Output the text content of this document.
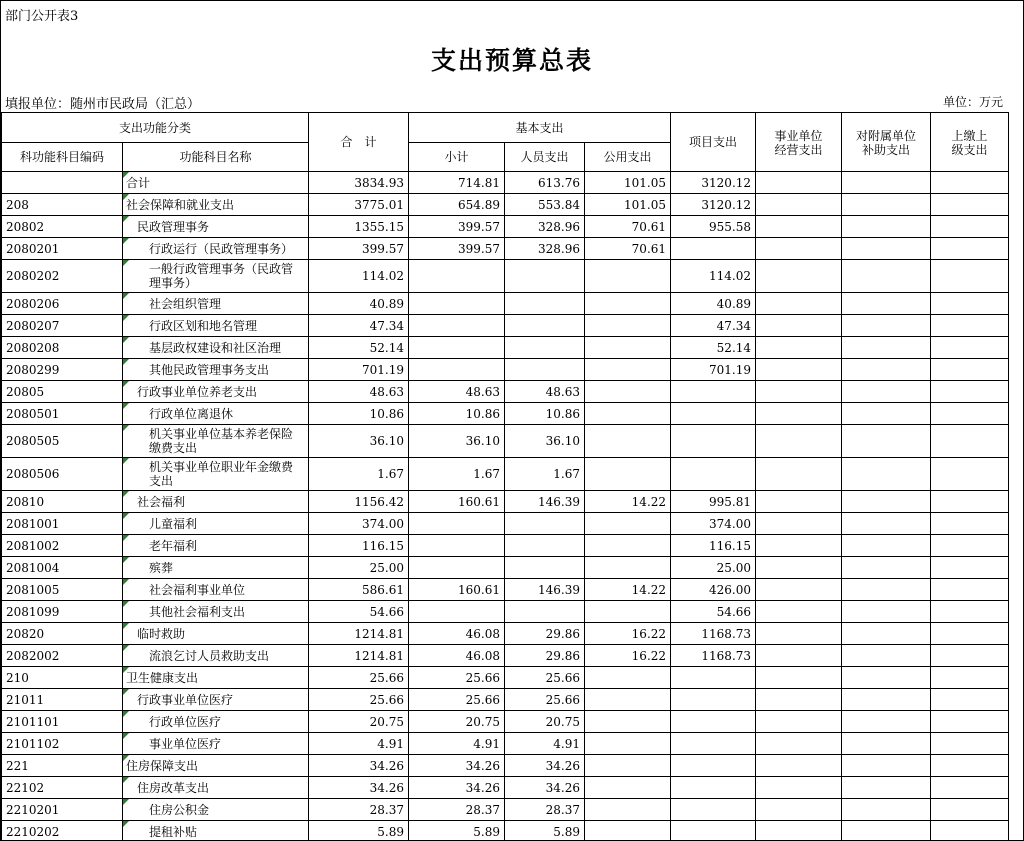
部门公开表3
支出预算总表
填报单位：随州市民政局（汇总）	单位：万元
支出功能分类		合　计	基本支出			项目支出	事业单位经营支出	对附属单位补助支出	上缴上级支出

科功能科目编码	功能科目名称		小计	人员支出	公用支出				
	合计	3834.93	714.81	613.76	101.05	3120.12			
208	社会保障和就业支出	3775.01	654.89	553.84	101.05	3120.12			
20802	民政管理事务	1355.15	399.57	328.96	70.61	955.58			
2080201	行政运行（民政管理事务）	399.57	399.57	328.96	70.61				
2080202	一般行政管理事务（民政管理事务）	114.02				114.02			
2080206	社会组织管理	40.89				40.89			
2080207	行政区划和地名管理	47.34				47.34			
2080208	基层政权建设和社区治理	52.14				52.14			
2080299	其他民政管理事务支出	701.19				701.19			
20805	行政事业单位养老支出	48.63	48.63	48.63					
2080501	行政单位离退休	10.86	10.86	10.86					
2080505	机关事业单位基本养老保险缴费支出	36.10	36.10	36.10					
2080506	机关事业单位职业年金缴费支出	1.67	1.67	1.67					
20810	社会福利	1156.42	160.61	146.39	14.22	995.81			
2081001	儿童福利	374.00				374.00			
2081002	老年福利	116.15				116.15			
2081004	殡葬	25.00				25.00			
2081005	社会福利事业单位	586.61	160.61	146.39	14.22	426.00			
2081099	其他社会福利支出	54.66				54.66			
20820	临时救助	1214.81	46.08	29.86	16.22	1168.73			
2082002	流浪乞讨人员救助支出	1214.81	46.08	29.86	16.22	1168.73			
210	卫生健康支出	25.66	25.66	25.66					
21011	行政事业单位医疗	25.66	25.66	25.66					
2101101	行政单位医疗	20.75	20.75	20.75					
2101102	事业单位医疗	4.91	4.91	4.91					
221	住房保障支出	34.26	34.26	34.26					
22102	住房改革支出	34.26	34.26	34.26					
2210201	住房公积金	28.37	28.37	28.37					
2210202	提租补贴	5.89	5.89	5.89					
